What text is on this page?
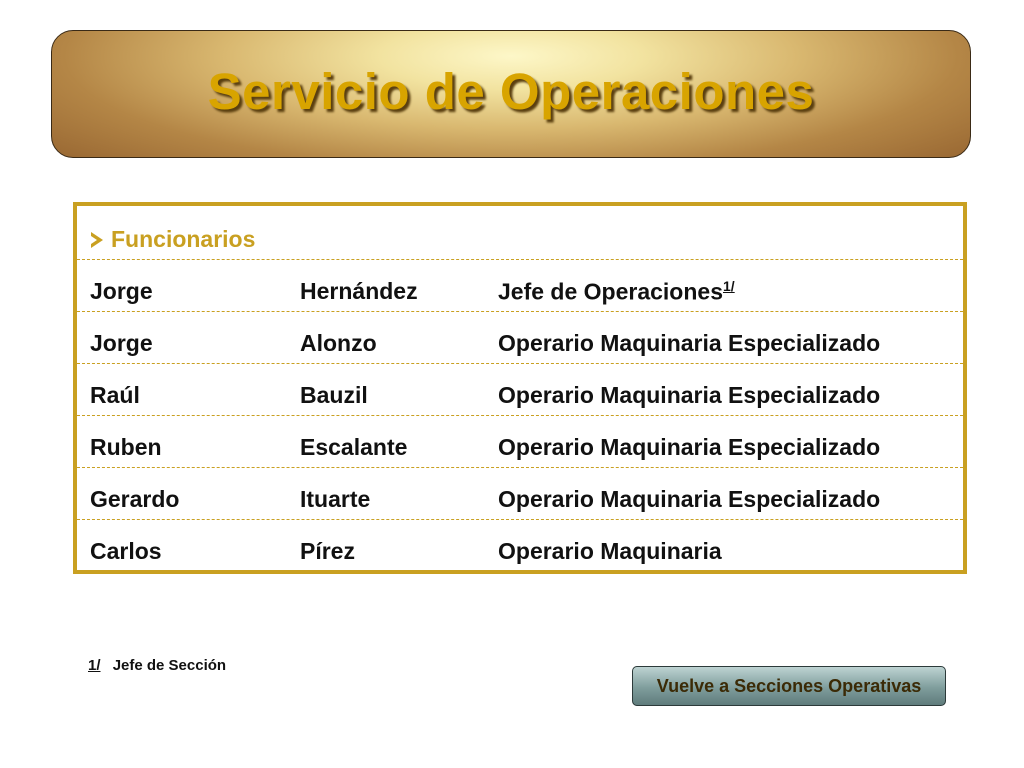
Servicio de Operaciones
Funcionarios
Jorge	Hernández	Jefe de Operaciones$^{1/}$
Jorge	Alonzo	Operario Maquinaria Especializado
Raúl	Bauzil	Operario Maquinaria Especializado
Ruben	Escalante	Operario Maquinaria Especializado
Gerardo	Ituarte	Operario Maquinaria Especializado
Carlos	Pírez	Operario Maquinaria
1/ Jefe de Sección
Vuelve a Secciones Operativas
